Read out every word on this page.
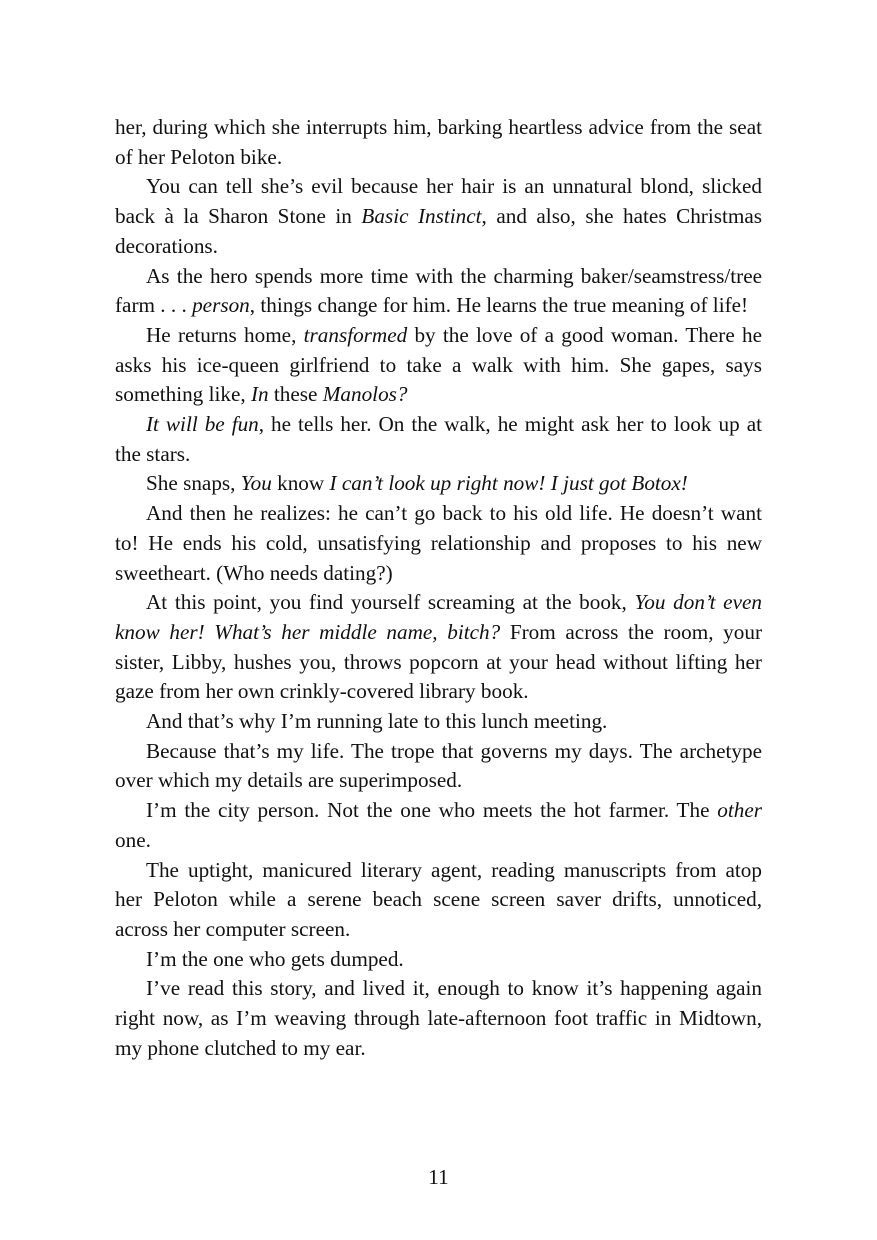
her, during which she interrupts him, barking heartless advice from the seat of her Peloton bike.

You can tell she’s evil because her hair is an unnatural blond, slicked back à la Sharon Stone in Basic Instinct, and also, she hates Christmas decorations.

As the hero spends more time with the charming baker/seamstress/tree farm . . . person, things change for him. He learns the true meaning of life!

He returns home, transformed by the love of a good woman. There he asks his ice-queen girlfriend to take a walk with him. She gapes, says something like, In these Manolos?

It will be fun, he tells her. On the walk, he might ask her to look up at the stars.

She snaps, You know I can’t look up right now! I just got Botox!

And then he realizes: he can’t go back to his old life. He doesn’t want to! He ends his cold, unsatisfying relationship and proposes to his new sweetheart. (Who needs dating?)

At this point, you find yourself screaming at the book, You don’t even know her! What’s her middle name, bitch? From across the room, your sister, Libby, hushes you, throws popcorn at your head without lifting her gaze from her own crinkly-covered library book.

And that’s why I’m running late to this lunch meeting.

Because that’s my life. The trope that governs my days. The archetype over which my details are superimposed.

I’m the city person. Not the one who meets the hot farmer. The other one.

The uptight, manicured literary agent, reading manuscripts from atop her Peloton while a serene beach scene screen saver drifts, unnoticed, across her computer screen.

I’m the one who gets dumped.

I’ve read this story, and lived it, enough to know it’s happening again right now, as I’m weaving through late-afternoon foot traffic in Midtown, my phone clutched to my ear.

11
